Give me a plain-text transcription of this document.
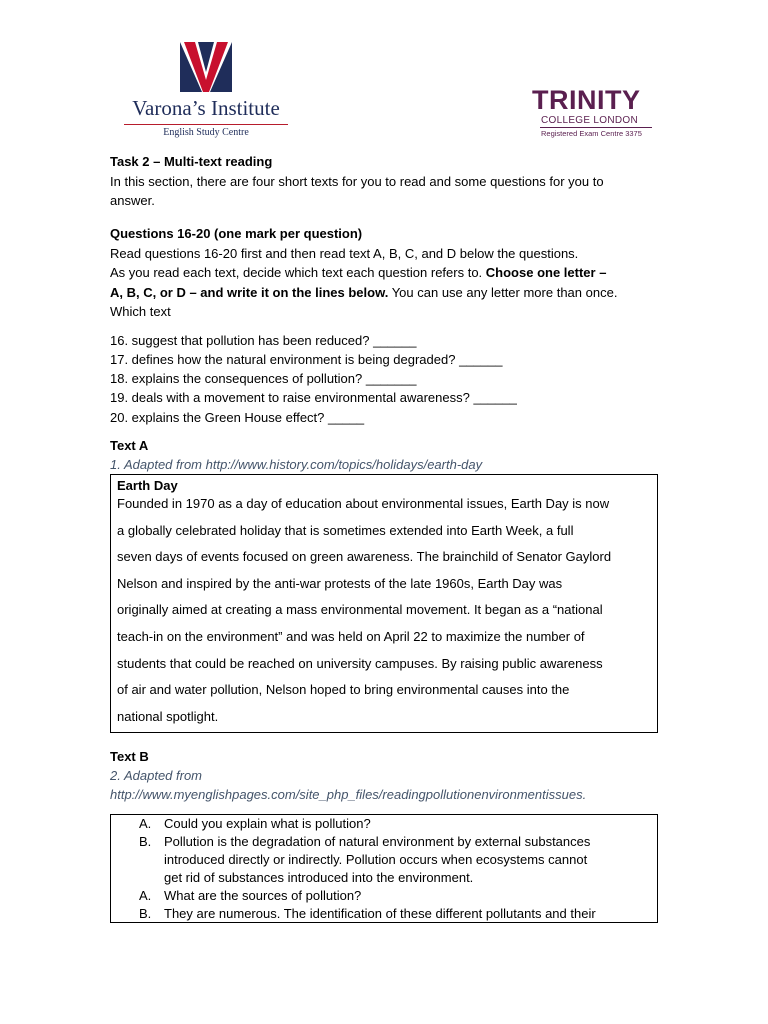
Varona’s Institute
English Study Centre
TRINITY
COLLEGE LONDON
Registered Exam Centre 3375
Task 2 – Multi-text reading
In this section, there are four short texts for you to read and some questions for you to
answer.
Questions 16-20 (one mark per question)
Read questions 16-20 first and then read text A, B, C, and D below the questions.
As you read each text, decide which text each question refers to. Choose one letter –
A, B, C, or D – and write it on the lines below. You can use any letter more than once.
Which text
16. suggest that pollution has been reduced? ______
17. defines how the natural environment is being degraded? ______
18. explains the consequences of pollution? _______
19. deals with a movement to raise environmental awareness? ______
20. explains the Green House effect? _____
Text A
1. Adapted from http://www.history.com/topics/holidays/earth-day
Earth Day
Founded in 1970 as a day of education about environmental issues, Earth Day is now
a globally celebrated holiday that is sometimes extended into Earth Week, a full
seven days of events focused on green awareness. The brainchild of Senator Gaylord
Nelson and inspired by the anti-war protests of the late 1960s, Earth Day was
originally aimed at creating a mass environmental movement. It began as a “national
teach-in on the environment” and was held on April 22 to maximize the number of
students that could be reached on university campuses. By raising public awareness
of air and water pollution, Nelson hoped to bring environmental causes into the
national spotlight.
Text B
2. Adapted from
http://www.myenglishpages.com/site_php_files/readingpollutionenvironmentissues.
A. Could you explain what is pollution?
B. Pollution is the degradation of natural environment by external substances
introduced directly or indirectly. Pollution occurs when ecosystems cannot
get rid of substances introduced into the environment.
A. What are the sources of pollution?
B. They are numerous. The identification of these different pollutants and their
